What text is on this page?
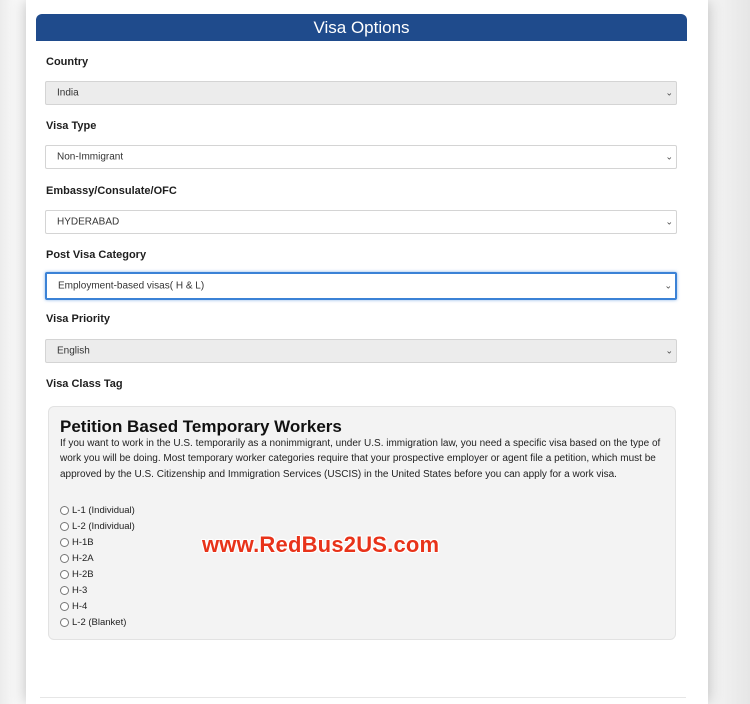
Visa Options
Country
India	⌄
Visa Type
Non-Immigrant	⌄
Embassy/Consulate/OFC
HYDERABAD	⌄
Post Visa Category
Employment-based visas( H & L)	⌄
Visa Priority
English	⌄
Visa Class Tag
Petition Based Temporary Workers
If you want to work in the U.S. temporarily as a nonimmigrant, under U.S. immigration law, you need a specific visa based on the type of work you will be doing. Most temporary worker categories require that your prospective employer or agent file a petition, which must be approved by the U.S. Citizenship and Immigration Services (USCIS) in the United States before you can apply for a work visa.
L-1 (Individual)
L-2 (Individual)
H-1B
H-2A
H-2B
H-3
H-4
L-2 (Blanket)
www.RedBus2US.com
